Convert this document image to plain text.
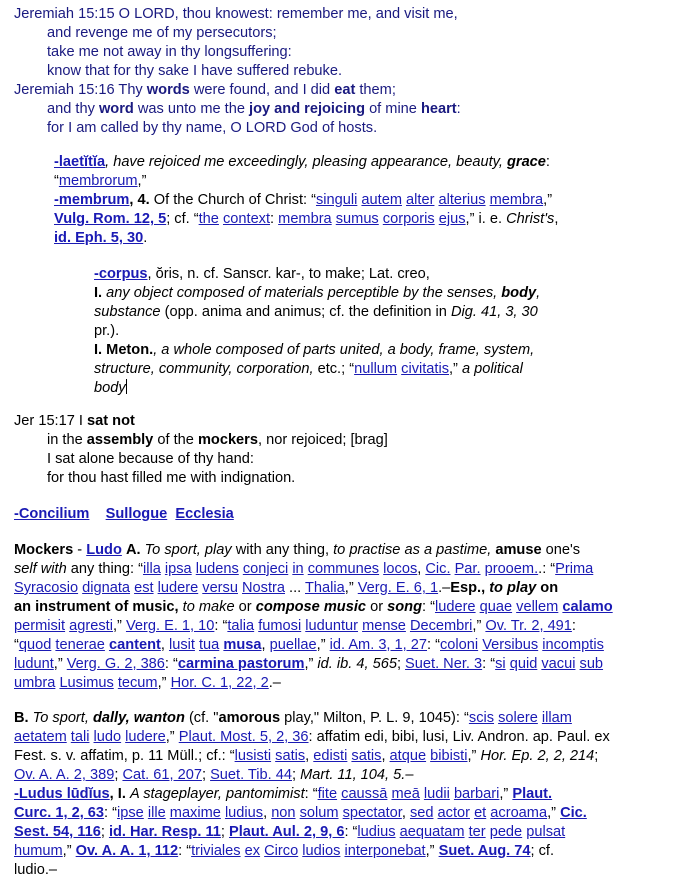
Jeremiah 15:15 O LORD, thou knowest: remember me, and visit me,
and revenge me of my persecutors;
take me not away in thy longsuffering:
know that for thy sake I have suffered rebuke.
Jeremiah 15:16 Thy words were found, and I did eat them;
and thy word was unto me the joy and rejoicing of mine heart:
for I am called by thy name, O LORD God of hosts.
-laetĭtĭa, have rejoiced me exceedingly, pleasing appearance, beauty, grace:
“membrorum,”
-membrum, 4. Of the Church of Christ: “singuli autem alter alterius membra,”
Vulg. Rom. 12, 5; cf. “the context: membra sumus corporis ejus,” i. e. Christ's,
id. Eph. 5, 30.
-corpus, ŏris, n. cf. Sanscr. kar-, to make; Lat. creo,
I. any object composed of materials perceptible by the senses, body,
substance (opp. anima and animus; cf. the definition in Dig. 41, 3, 30
pr.).
I. Meton., a whole composed of parts united, a body, frame, system,
structure, community, corporation, etc.; “nullum civitatis,” a political
body
Jer 15:17 I sat not
in the assembly of the mockers, nor rejoiced; [brag]
I sat alone because of thy hand:
for thou hast filled me with indignation.
-Concilium Sullogue Ecclesia
Mockers - Ludo A. To sport, play with any thing, to practise as a pastime, amuse one's
self with any thing: “illa ipsa ludens conjeci in communes locos, Cic. Par. prooem..: “Prima
Syracosio dignata est ludere versu Nostra ... Thalia,” Verg. E. 6, 1.–Esp., to play on
an instrument of music, to make or compose music or song: “ludere quae vellem calamo
permisit agresti,” Verg. E. 1, 10: “talia fumosi luduntur mense Decembri,” Ov. Tr. 2, 491:
“quod tenerae cantent, lusit tua musa, puellae,” id. Am. 3, 1, 27: “coloni Versibus incomptis
ludunt,” Verg. G. 2, 386: “carmina pastorum,” id. ib. 4, 565; Suet. Ner. 3: “si quid vacui sub
umbra Lusimus tecum,” Hor. C. 1, 22, 2.–
B. To sport, dally, wanton (cf. "amorous play," Milton, P. L. 9, 1045): “scis solere illam
aetatem tali ludo ludere,” Plaut. Most. 5, 2, 36: affatim edi, bibi, lusi, Liv. Andron. ap. Paul. ex
Fest. s. v. affatim, p. 11 Müll.; cf.: “lusisti satis, edisti satis, atque bibisti,” Hor. Ep. 2, 2, 214;
Ov. A. A. 2, 389; Cat. 61, 207; Suet. Tib. 44; Mart. 11, 104, 5.–
-Ludus lūdĭus, I. A stageplayer, pantomimist: “fite caussā meā ludii barbari,” Plaut.
Curc. 1, 2, 63: “ipse ille maxime ludius, non solum spectator, sed actor et acroama,” Cic.
Sest. 54, 116; id. Har. Resp. 11; Plaut. Aul. 2, 9, 6: “ludius aequatam ter pede pulsat
humum,” Ov. A. A. 1, 112: “triviales ex Circo ludios interponebat,” Suet. Aug. 74; cf.
ludio.–
